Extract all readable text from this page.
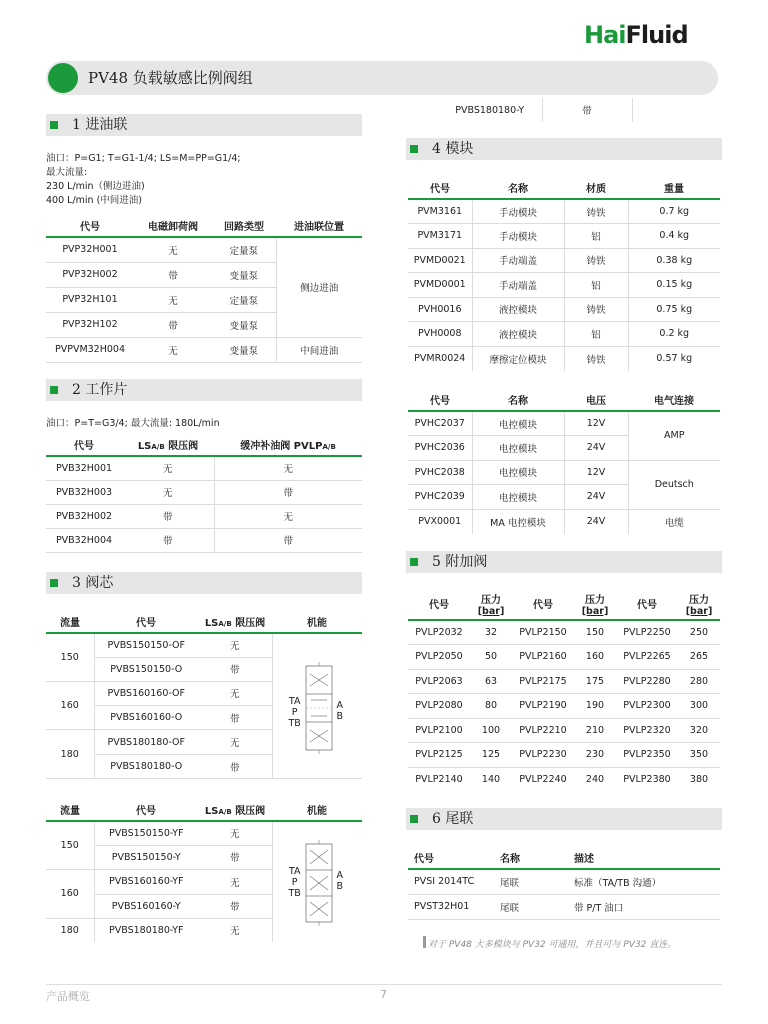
HaiFluid
PV48 负载敏感比例阀组
1 进油联
油口：P=G1; T=G1-1/4; LS=M=PP=G1/4;
最大流量:
230 L/min（侧边进油)
400 L/min (中间进油)
代号	电磁卸荷阀	回路类型	进油联位置
PVP32H001	无	定量泵	侧边进油
PVP32H002	带	变量泵	
PVP32H101	无	定量泵	
PVP32H102	带	变量泵	
PVPVM32H004	无	变量泵	中间进油
2 工作片
油口：P=T=G3/4; 最大流量: 180L/min
代号	LSA/B 限压阀	缓冲补油阀 PVLPA/B
PVB32H001	无	无
PVB32H003	无	带
PVB32H002	带	无
PVB32H004	带	带
3 阀芯
流量	代号	LSA/B 限压阀	机能
150	PVBS150150-OF	无	TA
P
TB
A
B

	PVBS150150-O	带	
160	PVBS160160-OF	无	
	PVBS160160-O	带	
180	PVBS180180-OF	无	
	PVBS180180-O	带	
流量	代号	LSA/B 限压阀	机能
150	PVBS150150-YF	无	TA
P
TB
A
B

	PVBS150150-Y	带	
160	PVBS160160-YF	无	
	PVBS160160-Y	带	
180	PVBS180180-YF	无	
PVBS180180-Y	带
4 模块
代号	名称	材质	重量
PVM3161	手动模块	铸铁	0.7 kg
PVM3171	手动模块	铝	0.4 kg
PVMD0021	手动端盖	铸铁	0.38 kg
PVMD0001	手动端盖	铝	0.15 kg
PVH0016	液控模块	铸铁	0.75 kg
PVH0008	液控模块	铝	0.2 kg
PVMR0024	摩擦定位模块	铸铁	0.57 kg
代号	名称	电压	电气连接
PVHC2037	电控模块	12V	AMP
PVHC2036	电控模块	24V	
PVHC2038	电控模块	12V	Deutsch
PVHC2039	电控模块	24V	
PVX0001	MA 电控模块	24V	电缆
5 附加阀
代号	压力
[bar]	代号	压力
[bar]	代号	压力
[bar]

PVLP2032	32	PVLP2150	150	PVLP2250	250
PVLP2050	50	PVLP2160	160	PVLP2265	265
PVLP2063	63	PVLP2175	175	PVLP2280	280
PVLP2080	80	PVLP2190	190	PVLP2300	300
PVLP2100	100	PVLP2210	210	PVLP2320	320
PVLP2125	125	PVLP2230	230	PVLP2350	350
PVLP2140	140	PVLP2240	240	PVLP2380	380
6 尾联
代号	名称	描述
PVSI 2014TC	尾联	标准（TA/TB 沟通）
PVST32H01	尾联	带 P/T 油口
对于 PV48 大多模块与 PV32 可通用，并且可与 PV32 直连。
产品概览	7
